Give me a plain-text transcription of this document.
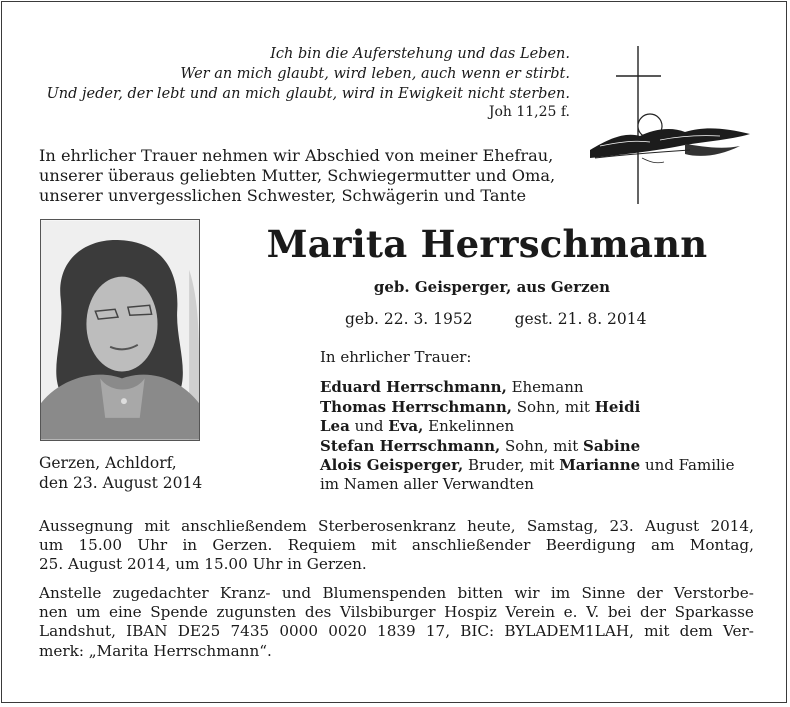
Ich bin die Auferstehung und das Leben.
Wer an mich glaubt, wird leben, auch wenn er stirbt.
Und jeder, der lebt und an mich glaubt, wird in Ewigkeit nicht sterben.
Joh 11,25 f.
In ehrlicher Trauer nehmen wir Abschied von meiner Ehefrau,
unserer überaus geliebten Mutter, Schwiegermutter und Oma,
unserer unvergesslichen Schwester, Schwägerin und Tante
Marita Herrschmann
geb. Geisperger, aus Gerzen
geb. 22. 3. 1952	gest. 21. 8. 2014
In ehrlicher Trauer:
Eduard Herrschmann, Ehemann
Thomas Herrschmann, Sohn, mit Heidi
Lea und Eva, Enkelinnen
Stefan Herrschmann, Sohn, mit Sabine
Alois Geisperger, Bruder, mit Marianne und Familie
im Namen aller Verwandten
Gerzen, Achldorf,
den 23. August 2014
Aussegnung mit anschließendem Sterberosenkranz heute, Samstag, 23. August 2014,
um 15.00 Uhr in Gerzen. Requiem mit anschließender Beerdigung am Montag,
25. August 2014, um 15.00 Uhr in Gerzen.
Anstelle zugedachter Kranz- und Blumenspenden bitten wir im Sinne der Verstorbe-
nen um eine Spende zugunsten des Vilsbiburger Hospiz Verein e. V. bei der Sparkasse
Landshut, IBAN DE25 7435 0000 0020 1839 17, BIC: BYLADEM1LAH, mit dem Ver-
merk: „Marita Herrschmann“.
